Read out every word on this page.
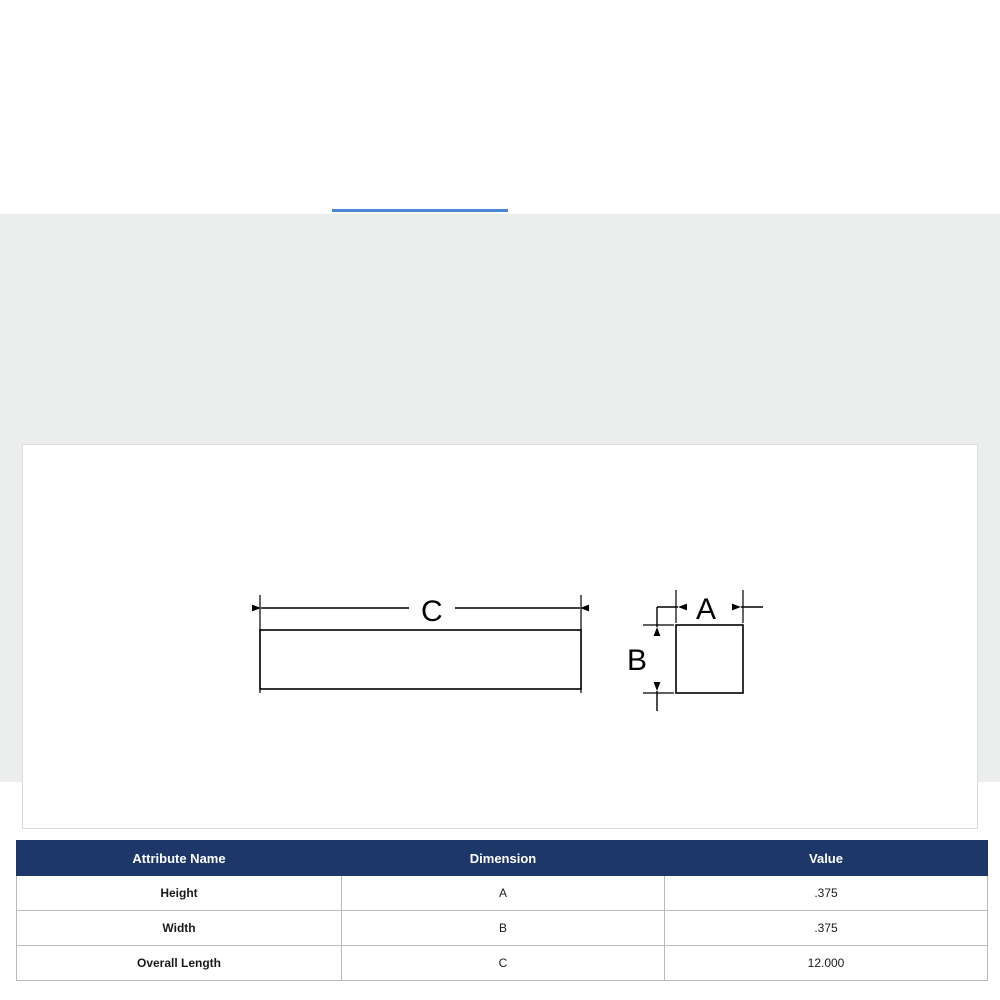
C	A
B
Attribute Name	Dimension	Value
Height	A	.375
Width	B	.375
Overall Length	C	12.000
